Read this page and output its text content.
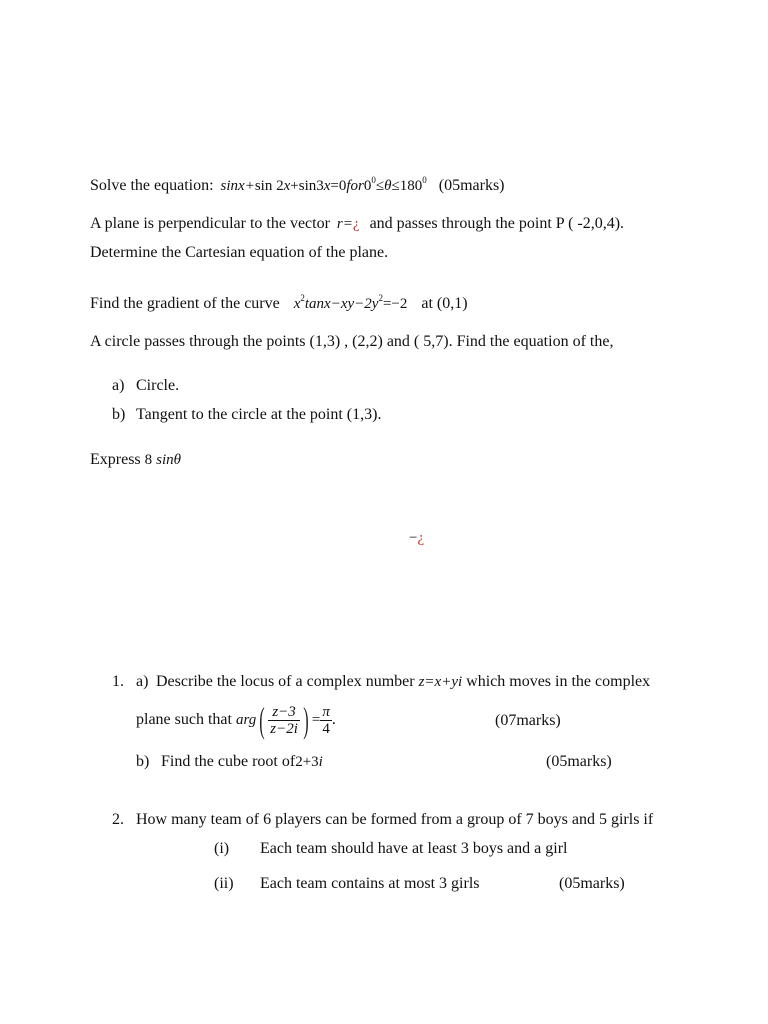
Solve the equation: sinx+sin $2x+\sin 3x=0for0^0\le\theta\le 180^0$ (05marks)
A plane is perpendicular to the vector r=¿ and passes through the point P ( -2,0,4).
Determine the Cartesian equation of the plane.
Find the gradient of the curve $x^2\tan x-xy-2y^2=-2$ at (0,1)
A circle passes through the points (1,3) , (2,2) and ( 5,7). Find the equation of the,
a) Circle.
b) Tangent to the circle at the point (1,3).
Express 8 sinθ
−¿
1. a) Describe the locus of a complex number z=x+yi which moves in the complex
plane such that $arg( \frac{z-3}{z-2i}$ ) = $\frac{\pi}{4}$ .	(07marks)
b) Find the cube root of2+3i	(05marks)
2. How many team of 6 players can be formed from a group of 7 boys and 5 girls if
(i) Each team should have at least 3 boys and a girl
(ii) Each team contains at most 3 girls	(05marks)
